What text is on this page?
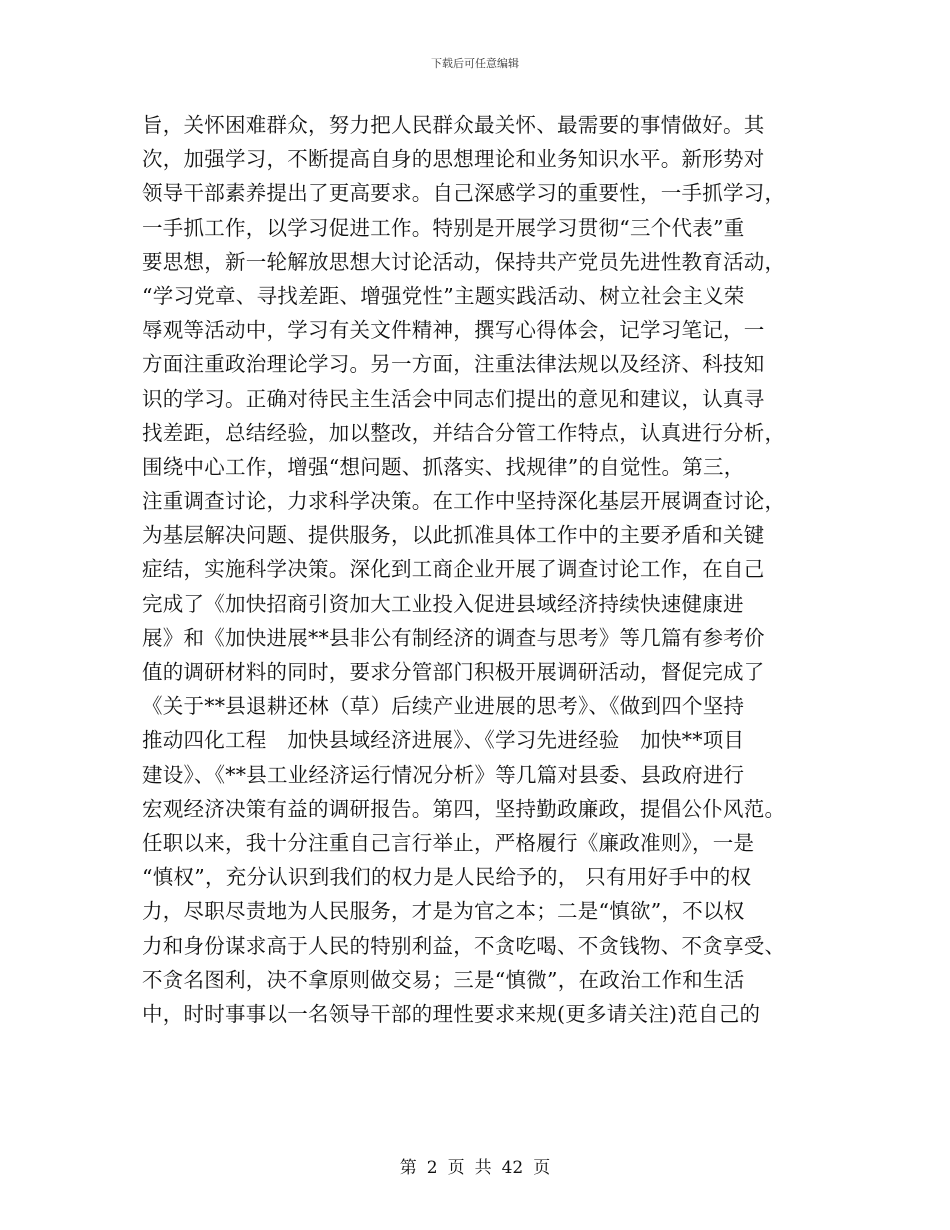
下载后可任意编辑
旨，关怀困难群众，努力把人民群众最关怀、最需要的事情做好。其
次，加强学习，不断提高自身的思想理论和业务知识水平。新形势对
领导干部素养提出了更高要求。自己深感学习的重要性，一手抓学习，
一手抓工作，以学习促进工作。特别是开展学习贯彻“三个代表”重
要思想，新一轮解放思想大讨论活动，保持共产党员先进性教育活动，
“学习党章、寻找差距、增强党性”主题实践活动、树立社会主义荣
辱观等活动中，学习有关文件精神，撰写心得体会，记学习笔记，一
方面注重政治理论学习。另一方面，注重法律法规以及经济、科技知
识的学习。正确对待民主生活会中同志们提出的意见和建议，认真寻
找差距，总结经验，加以整改，并结合分管工作特点，认真进行分析，
围绕中心工作，增强“想问题、抓落实、找规律”的自觉性。第三，
注重调查讨论，力求科学决策。在工作中坚持深化基层开展调查讨论，
为基层解决问题、提供服务，以此抓准具体工作中的主要矛盾和关键
症结，实施科学决策。深化到工商企业开展了调查讨论工作，在自己
完成了《加快招商引资加大工业投入促进县域经济持续快速健康进
展》和《加快进展**县非公有制经济的调查与思考》等几篇有参考价
值的调研材料的同时，要求分管部门积极开展调研活动，督促完成了
《关于**县退耕还林（草）后续产业进展的思考》、《做到四个坚持
推动四化工程　加快县域经济进展》、《学习先进经验　加快**项目
建设》、《**县工业经济运行情况分析》等几篇对县委、县政府进行
宏观经济决策有益的调研报告。第四，坚持勤政廉政，提倡公仆风范。
任职以来，我十分注重自己言行举止，严格履行《廉政准则》，一是
“慎权”，充分认识到我们的权力是人民给予的， 只有用好手中的权
力，尽职尽责地为人民服务，才是为官之本；二是“慎欲”，不以权
力和身份谋求高于人民的特别利益，不贪吃喝、不贪钱物、不贪享受、
不贪名图利，决不拿原则做交易；三是“慎微”，在政治工作和生活
中，时时事事以一名领导干部的理性要求来规(更多请关注)范自己的
第 2 页 共 42 页
